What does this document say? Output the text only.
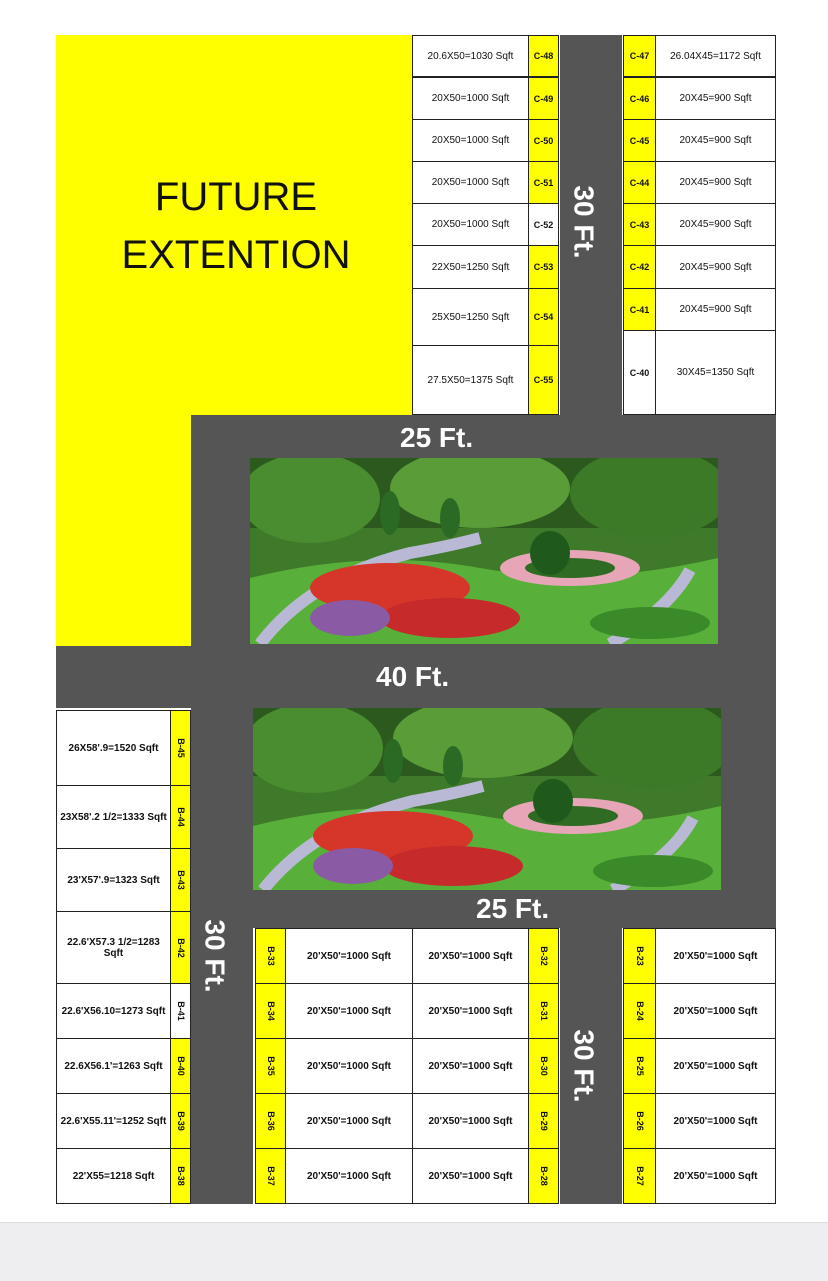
FUTURE
EXTENTION	30 Ft.
25 Ft.
40 Ft.
25 Ft.
30 Ft.
30 Ft.
20.6X50=1030 Sqft	C-48
20X50=1000 Sqft	C-49
20X50=1000 Sqft	C-50
20X50=1000 Sqft	C-51
20X50=1000 Sqft	C-52
22X50=1250 Sqft	C-53
25X50=1250 Sqft	C-54
27.5X50=1375 Sqft	C-55
C-47	26.04X45=1172 Sqft
C-46	20X45=900 Sqft
C-45	20X45=900 Sqft
C-44	20X45=900 Sqft
C-43	20X45=900 Sqft
C-42	20X45=900 Sqft
C-41	20X45=900 Sqft
C-40	30X45=1350 Sqft
26X58'.9=1520 Sqft	B-45
23X58'.2 1/2=1333 Sqft B-44
23'X57'.9=1323 Sqft	B-43
22.6'X57.3 1/2=1283 Sqft	B-42
22.6'X56.10=1273 Sqft	B-41
22.6X56.1'=1263 Sqft	B-40
22.6'X55.11'=1252 Sqft	B-39
22'X55=1218 Sqft	B-38
B-33	20'X50'=1000 Sqft
B-34	20'X50'=1000 Sqft
B-35	20'X50'=1000 Sqft
B-36	20'X50'=1000 Sqft
B-37	20'X50'=1000 Sqft
20'X50'=1000 Sqft	B-32
20'X50'=1000 Sqft	B-31
20'X50'=1000 Sqft	B-30
20'X50'=1000 Sqft	B-29
20'X50'=1000 Sqft	B-28
B-23	20'X50'=1000 Sqft
B-24	20'X50'=1000 Sqft
B-25	20'X50'=1000 Sqft
B-26	20'X50'=1000 Sqft
B-27	20'X50'=1000 Sqft
